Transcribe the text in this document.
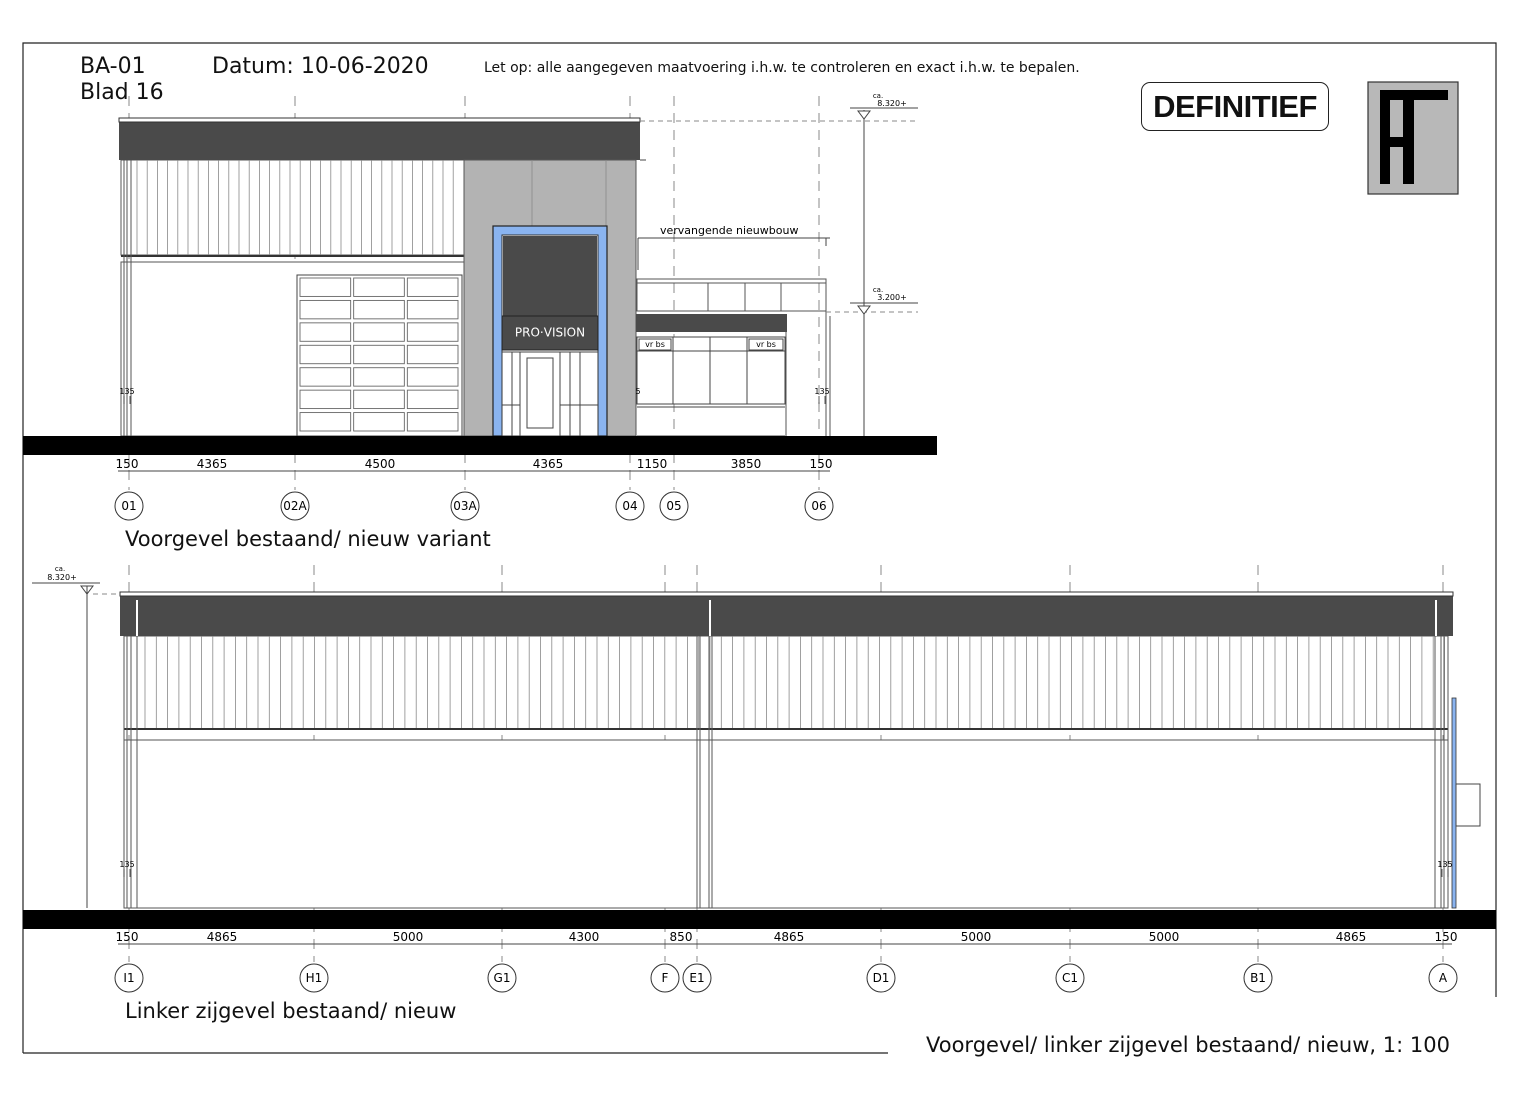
PRO·VISION
vr bs	vr bs
vervangende nieuwbouw
ca.
8.320+
ca.
3.200+
135	135
5
ca.
8.320+
135	135
150	4365	4500	4365	1150	3850	150
01	02A	03A	04 05	06
150	4865	5000	4300	850	4865	5000	5000	4865	150
I1	H1	G1	F E1	D1	C1	B1	A
BA-01
Blad 16
Datum: 10-06-2020	Let op: alle aangegeven maatvoering i.h.w. te controleren en exact i.h.w. te bepalen.
DEFINITIEF
Voorgevel bestaand/ nieuw variant
Linker zijgevel bestaand/ nieuw
Voorgevel/ linker zijgevel bestaand/ nieuw, 1: 100
